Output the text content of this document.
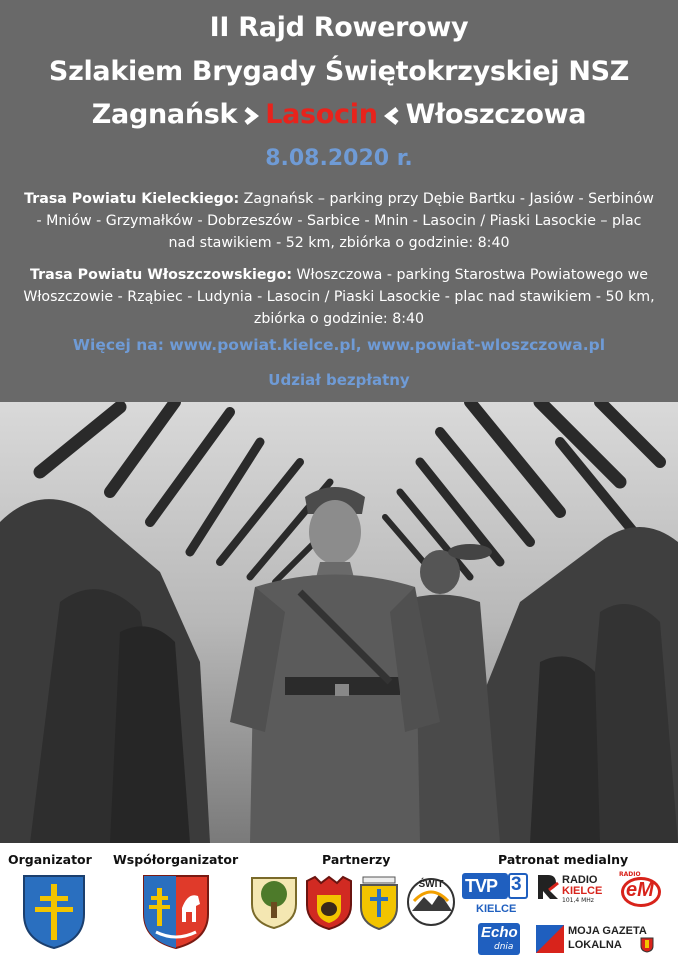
II Rajd Rowerowy
Szlakiem Brygady Świętokrzyskiej NSZ
Zagnańsk Lasocin Włoszczowa
8.08.2020 r.
Trasa Powiatu Kieleckiego: Zagnańsk – parking przy Dębie Bartku - Jasiów - Serbinów - Mniów - Grzymałków - Dobrzeszów - Sarbice - Mnin - Lasocin / Piaski Lasockie – plac nad stawikiem - 52 km, zbiórka o godzinie: 8:40
Trasa Powiatu Włoszczowskiego: Włoszczowa - parking Starostwa Powiatowego we Włoszczowie - Rząbiec - Ludynia - Lasocin / Piaski Lasockie - plac nad stawikiem - 50 km, zbiórka o godzinie: 8:40
Więcej na: www.powiat.kielce.pl, www.powiat-wloszczowa.pl
Udział bezpłatny
Organizator Współorganizator	Partnerzy	Patronat medialny
ŚWIT	TVP 3
KIELCE
RADIO
KIELCE
101,4 MHz
RADIO
eM
Echo
dnia
MOJA GAZETA
LOKALNA
